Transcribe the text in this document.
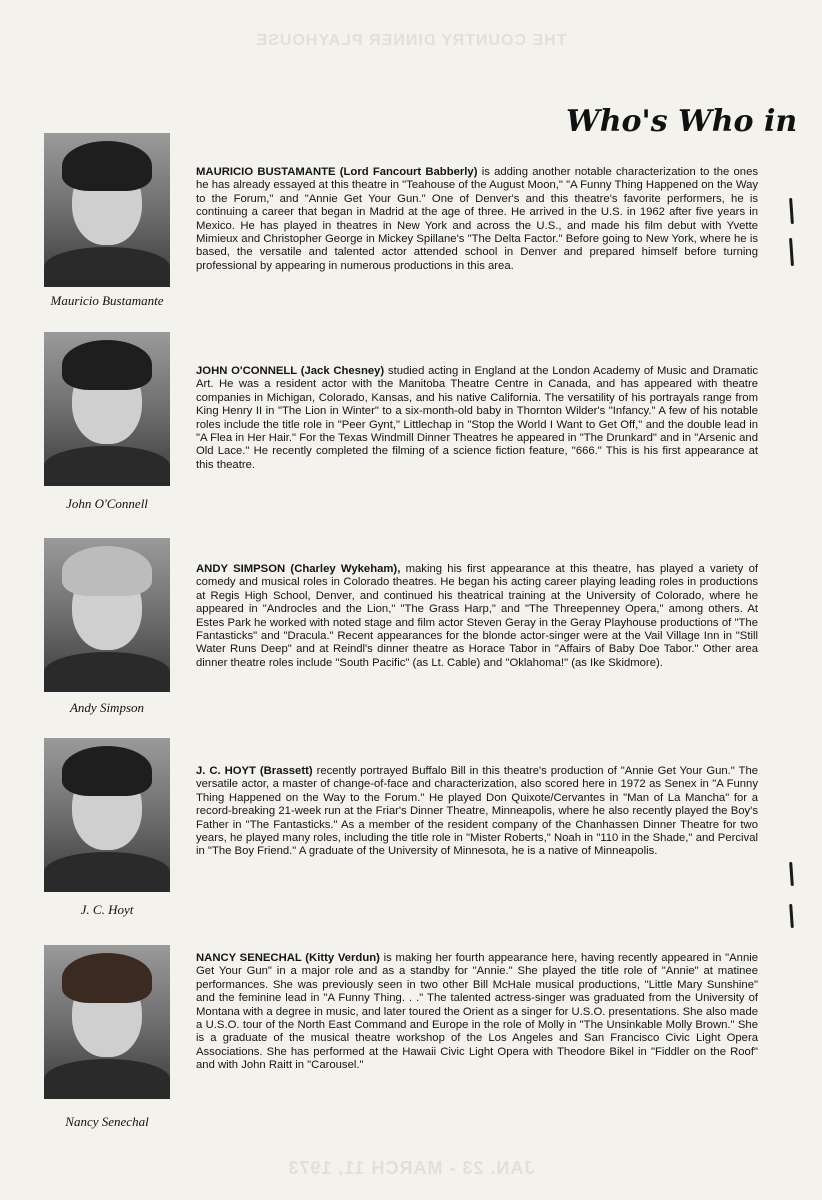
THE COUNTRY DINNER PLAYHOUSE
JAN. 23 - MARCH 11, 1973
Who's Who in
Mauricio Bustamante
MAURICIO BUSTAMANTE (Lord Fancourt Babberly) is adding another notable characterization to the ones he has already essayed at this theatre in "Teahouse of the August Moon," "A Funny Thing Happened on the Way to the Forum," and "Annie Get Your Gun." One of Denver's and this theatre's favorite performers, he is continuing a career that began in Madrid at the age of three. He arrived in the U.S. in 1962 after five years in Mexico. He has played in theatres in New York and across the U.S., and made his film debut with Yvette Mimieux and Christopher George in Mickey Spillane's "The Delta Factor." Before going to New York, where he is based, the versatile and talented actor attended school in Denver and prepared himself before turning professional by appearing in numerous productions in this area.
John O'Connell
JOHN O'CONNELL (Jack Chesney) studied acting in England at the London Academy of Music and Dramatic Art. He was a resident actor with the Manitoba Theatre Centre in Canada, and has appeared with theatre companies in Michigan, Colorado, Kansas, and his native California. The versatility of his portrayals range from King Henry II in "The Lion in Winter" to a six-month-old baby in Thornton Wilder's "Infancy." A few of his notable roles include the title role in "Peer Gynt," Littlechap in "Stop the World I Want to Get Off," and the double lead in "A Flea in Her Hair." For the Texas Windmill Dinner Theatres he appeared in "The Drunkard" and in "Arsenic and Old Lace." He recently completed the filming of a science fiction feature, "666." This is his first appearance at this theatre.
Andy Simpson
ANDY SIMPSON (Charley Wykeham), making his first appearance at this theatre, has played a variety of comedy and musical roles in Colorado theatres. He began his acting career playing leading roles in productions at Regis High School, Denver, and continued his theatrical training at the University of Colorado, where he appeared in "Androcles and the Lion," "The Grass Harp," and "The Threepenney Opera," among others. At Estes Park he worked with noted stage and film actor Steven Geray in the Geray Playhouse productions of "The Fantasticks" and "Dracula." Recent appearances for the blonde actor-singer were at the Vail Village Inn in "Still Water Runs Deep" and at Reindl's dinner theatre as Horace Tabor in "Affairs of Baby Doe Tabor." Other area dinner theatre roles include "South Pacific" (as Lt. Cable) and "Oklahoma!" (as Ike Skidmore).
J. C. Hoyt
J. C. HOYT (Brassett) recently portrayed Buffalo Bill in this theatre's production of "Annie Get Your Gun." The versatile actor, a master of change-of-face and characterization, also scored here in 1972 as Senex in "A Funny Thing Happened on the Way to the Forum." He played Don Quixote/Cervantes in "Man of La Mancha" for a record-breaking 21-week run at the Friar's Dinner Theatre, Minneapolis, where he also recently played the Boy's Father in "The Fantasticks." As a member of the resident company of the Chanhassen Dinner Theatre for two years, he played many roles, including the title role in "Mister Roberts," Noah in "110 in the Shade," and Percival in "The Boy Friend." A graduate of the University of Minnesota, he is a native of Minneapolis.
Nancy Senechal
NANCY SENECHAL (Kitty Verdun) is making her fourth appearance here, having recently appeared in "Annie Get Your Gun" in a major role and as a standby for "Annie." She played the title role of "Annie" at matinee performances. She was previously seen in two other Bill McHale musical productions, "Little Mary Sunshine" and the feminine lead in "A Funny Thing. . ." The talented actress-singer was graduated from the University of Montana with a degree in music, and later toured the Orient as a singer for U.S.O. presentations. She also made a U.S.O. tour of the North East Command and Europe in the role of Molly in "The Unsinkable Molly Brown." She is a graduate of the musical theatre workshop of the Los Angeles and San Francisco Civic Light Opera Associations. She has performed at the Hawaii Civic Light Opera with Theodore Bikel in "Fiddler on the Roof" and with John Raitt in "Carousel."
